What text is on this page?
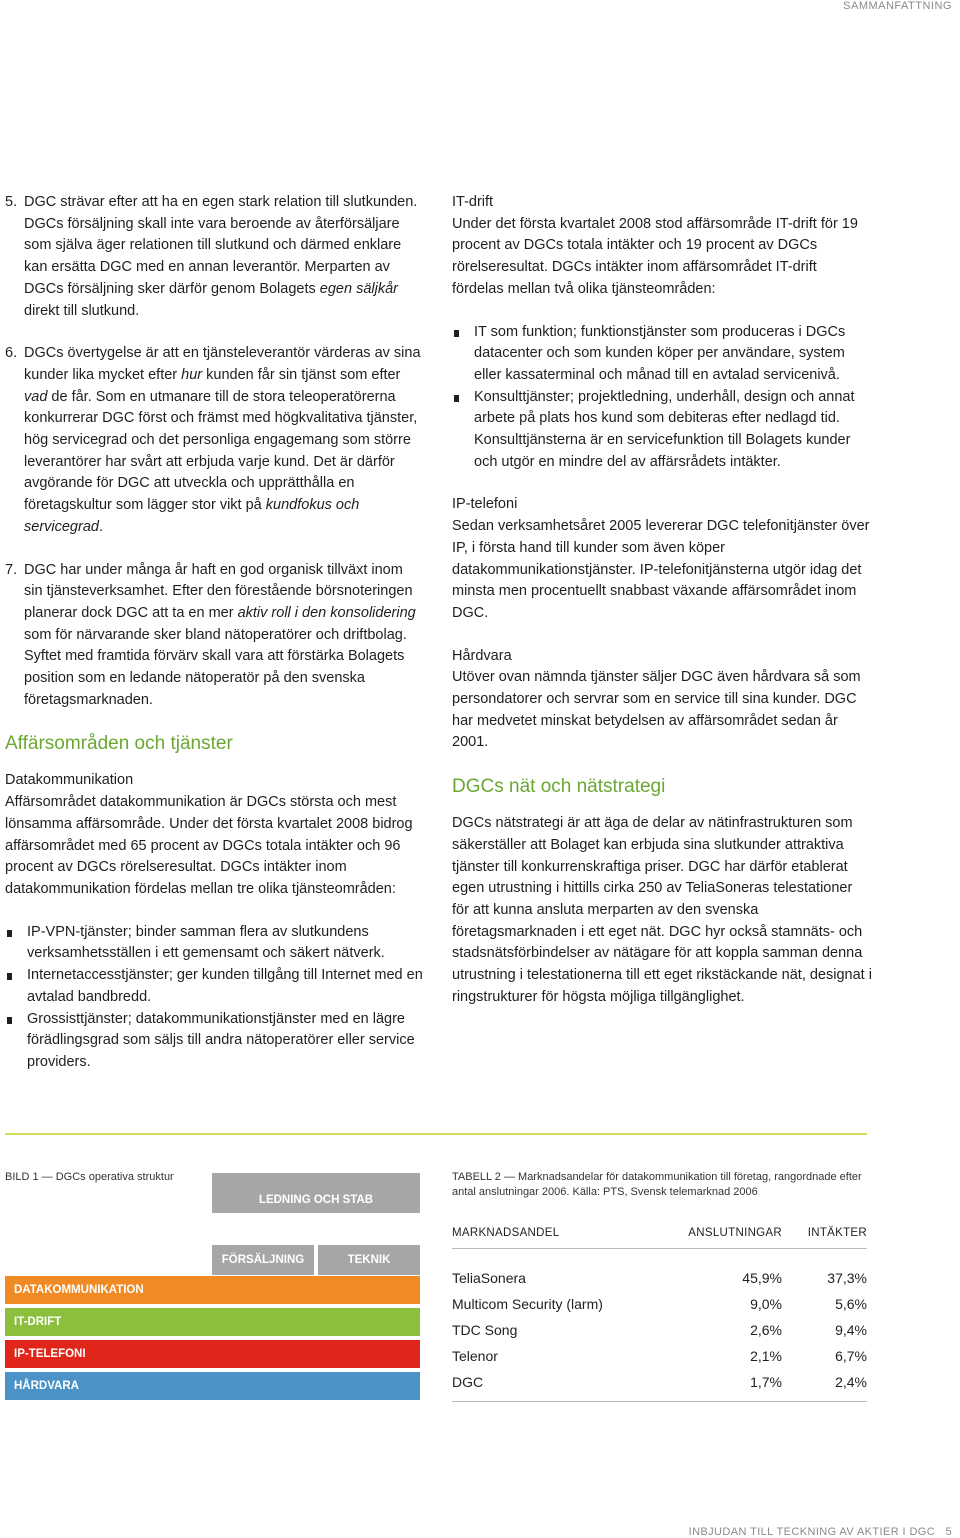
SAMMANFATTNING
5. DGC strävar efter att ha en egen stark relation till slutkunden. DGCs försäljning skall inte vara beroende av återförsäljare som själva äger relationen till slutkund och därmed enklare kan ersätta DGC med en annan leverantör. Merparten av DGCs försäljning sker därför genom Bolagets egen säljkår direkt till slutkund.
6. DGCs övertygelse är att en tjänsteleverantör värderas av sina kunder lika mycket efter hur kunden får sin tjänst som efter vad de får. Som en utmanare till de stora teleoperatörerna konkurrerar DGC först och främst med högkvalitativa tjänster, hög servicegrad och det personliga engagemang som större leverantörer har svårt att erbjuda varje kund. Det är därför avgörande för DGC att utveckla och upprätthålla en företagskultur som lägger stor vikt på kundfokus och servicegrad.
7. DGC har under många år haft en god organisk tillväxt inom sin tjänsteverksamhet. Efter den förestående börsnoteringen planerar dock DGC att ta en mer aktiv roll i den konsolidering som för närvarande sker bland nätoperatörer och driftbolag. Syftet med framtida förvärv skall vara att förstärka Bolagets position som en ledande nätoperatör på den svenska företagsmarknaden.
Affärsområden och tjänster
Datakommunikation

Affärsområdet datakommunikation är DGCs största och mest lönsamma affärsområde. Under det första kvartalet 2008 bidrog affärsområdet med 65 procent av DGCs totala intäkter och 96 procent av DGCs rörelseresultat. DGCs intäkter inom datakommunikation fördelas mellan tre olika tjänsteområden:

IP-VPN-tjänster; binder samman flera av slutkundens verksamhetsställen i ett gemensamt och säkert nätverk.
Internetaccesstjänster; ger kunden tillgång till Internet med en avtalad bandbredd.
Grossisttjänster; datakommunikationstjänster med en lägre förädlingsgrad som säljs till andra nätoperatörer eller service providers.
IT-drift

Under det första kvartalet 2008 stod affärsområde IT-drift för 19 procent av DGCs totala intäkter och 19 procent av DGCs rörelseresultat. DGCs intäkter inom affärsområdet IT-drift fördelas mellan två olika tjänsteområden:

IT som funktion; funktionstjänster som produceras i DGCs datacenter och som kunden köper per användare, system eller kassaterminal och månad till en avtalad servicenivå.
Konsulttjänster; projektledning, underhåll, design och annat arbete på plats hos kund som debiteras efter nedlagd tid. Konsulttjänsterna är en servicefunktion till Bolagets kunder och utgör en mindre del av affärsrådets intäkter.
IP-telefoni

Sedan verksamhetsåret 2005 levererar DGC telefonitjänster över IP, i första hand till kunder som även köper datakommunikationstjänster. IP-telefonitjänsterna utgör idag det minsta men procentuellt snabbast växande affärsområdet inom DGC.

Hårdvara

Utöver ovan nämnda tjänster säljer DGC även hårdvara så som persondatorer och servrar som en service till sina kunder. DGC har medvetet minskat betydelsen av affärsområdet sedan år 2001.

DGCs nät och nätstrategi

DGCs nätstrategi är att äga de delar av nätinfrastrukturen som säkerställer att Bolaget kan erbjuda sina slutkunder attraktiva tjänster till konkurrenskraftiga priser. DGC har därför etablerat egen utrustning i hittills cirka 250 av TeliaSoneras telestationer för att kunna ansluta merparten av den svenska företagsmarknaden i ett eget nät. DGC hyr också stamnäts- och stadsnätsförbindelser av nätägare för att koppla samman denna utrustning i telestationerna till ett eget rikstäckande nät, designat i ringstrukturer för högsta möjliga tillgänglighet.

BILD 1 — DGCs operativa struktur
LEDNING OCH STAB
FÖRSÄLJNING	TEKNIK
DATAKOMMUNIKATION
IT-DRIFT
IP-TELEFONI
HÅRDVARA
TABELL 2 — Marknadsandelar för datakommunikation till företag, rangordnade efter antal anslutningar 2006. Källa: PTS, Svensk telemarknad 2006
MARKNADSANDEL	ANSLUTNINGAR	INTÄKTER
TeliaSonera	45,9%	37,3%
Multicom Security (larm)	9,0%	5,6%
TDC Song	2,6%	9,4%
Telenor	2,1%	6,7%
DGC	1,7%	2,4%
INBJUDAN TILL TECKNING AV AKTIER I DGC 5
